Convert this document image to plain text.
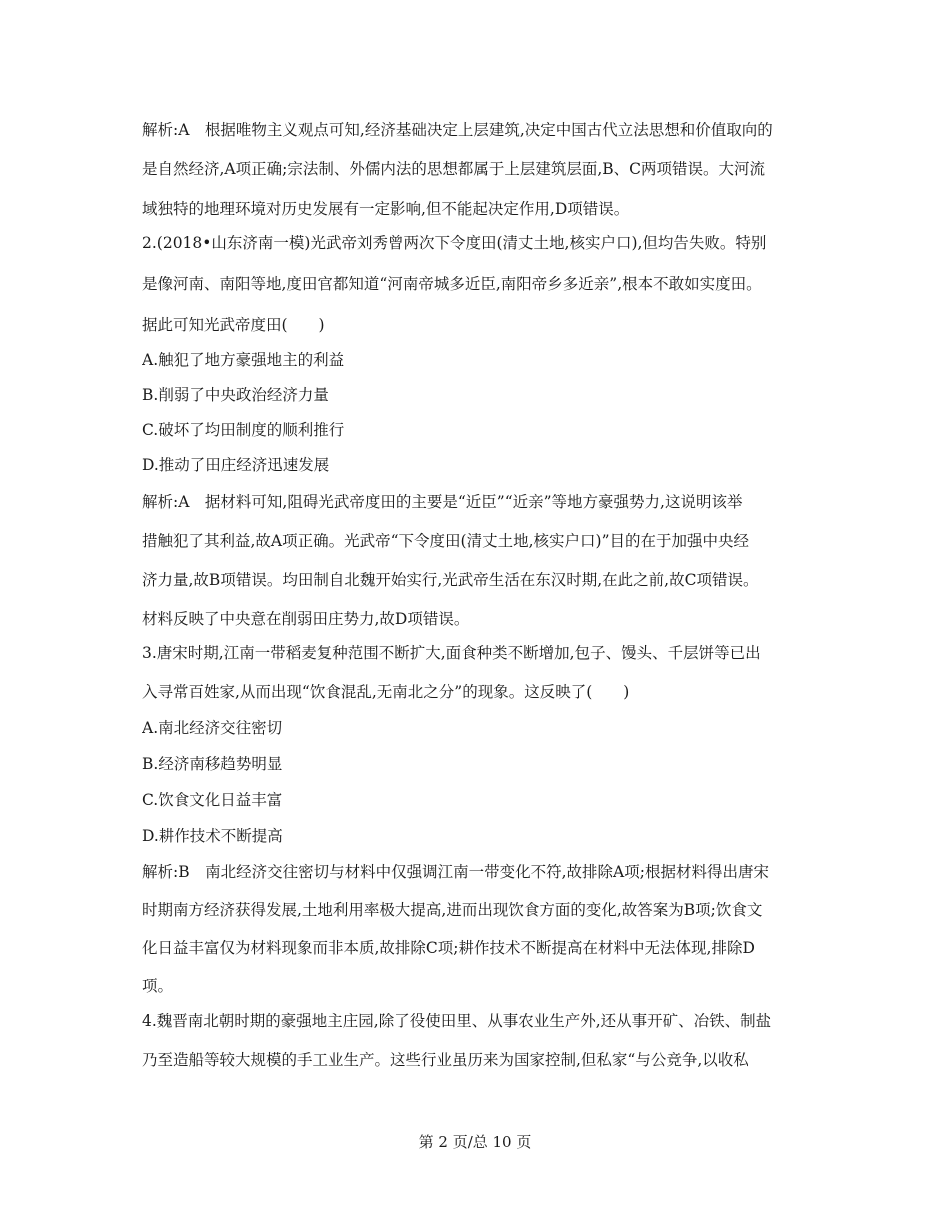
解析:A　根据唯物主义观点可知,经济基础决定上层建筑,决定中国古代立法思想和价值取向的
是自然经济,A项正确;宗法制、外儒内法的思想都属于上层建筑层面,B、C两项错误。大河流
域独特的地理环境对历史发展有一定影响,但不能起决定作用,D项错误。
2.(2018•山东济南一模)光武帝刘秀曾两次下令度田(清丈土地,核实户口),但均告失败。特别
是像河南、南阳等地,度田官都知道“河南帝城多近臣,南阳帝乡多近亲”,根本不敢如实度田。
据此可知光武帝度田(　　)
A.触犯了地方豪强地主的利益
B.削弱了中央政治经济力量
C.破坏了均田制度的顺利推行
D.推动了田庄经济迅速发展
解析:A　据材料可知,阻碍光武帝度田的主要是“近臣”“近亲”等地方豪强势力,这说明该举
措触犯了其利益,故A项正确。光武帝“下令度田(清丈土地,核实户口)”目的在于加强中央经
济力量,故B项错误。均田制自北魏开始实行,光武帝生活在东汉时期,在此之前,故C项错误。
材料反映了中央意在削弱田庄势力,故D项错误。
3.唐宋时期,江南一带稻麦复种范围不断扩大,面食种类不断增加,包子、馒头、千层饼等已出
入寻常百姓家,从而出现“饮食混乱,无南北之分”的现象。这反映了(　　)
A.南北经济交往密切
B.经济南移趋势明显
C.饮食文化日益丰富
D.耕作技术不断提高
解析:B　南北经济交往密切与材料中仅强调江南一带变化不符,故排除A项;根据材料得出唐宋
时期南方经济获得发展,土地利用率极大提高,进而出现饮食方面的变化,故答案为B项;饮食文
化日益丰富仅为材料现象而非本质,故排除C项;耕作技术不断提高在材料中无法体现,排除D
项。
4.魏晋南北朝时期的豪强地主庄园,除了役使田里、从事农业生产外,还从事开矿、冶铁、制盐
乃至造船等较大规模的手工业生产。这些行业虽历来为国家控制,但私家“与公竞争,以收私
第 2 页/总 10 页
